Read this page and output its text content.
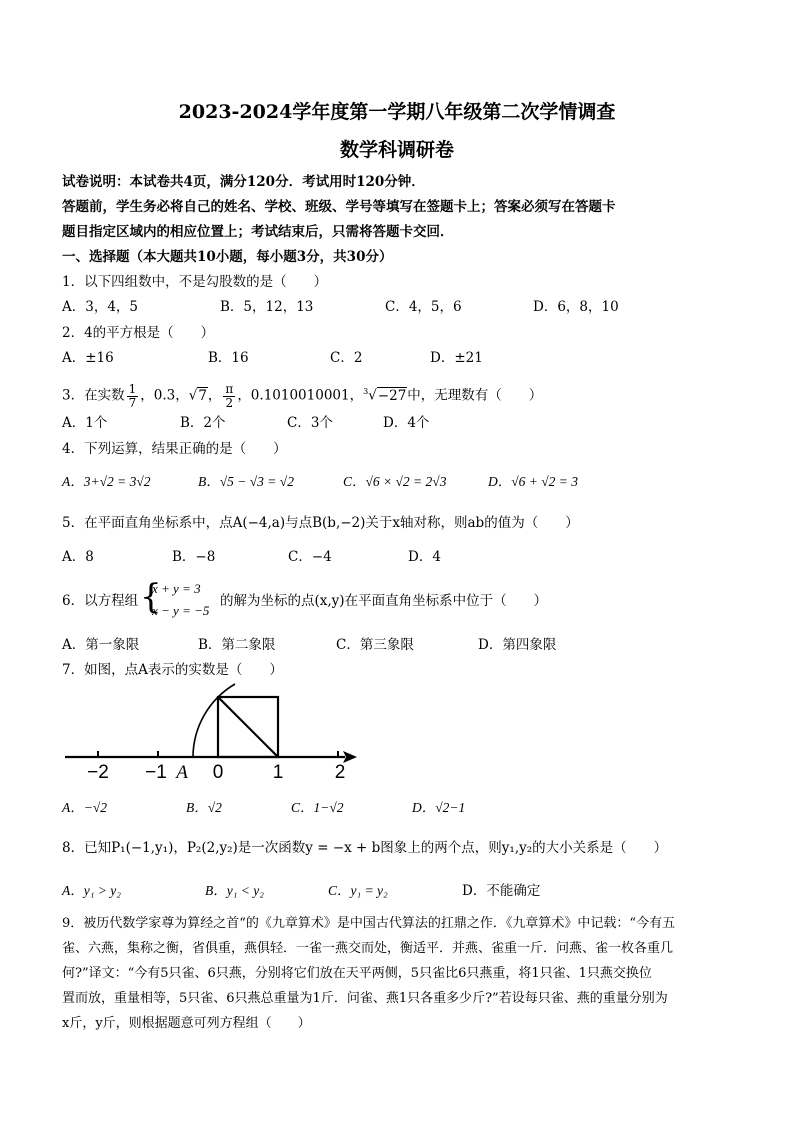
2023-2024学年度第一学期八年级第二次学情调查
数学科调研卷
试卷说明：本试卷共4页，满分120分．考试用时120分钟．
答题前，学生务必将自己的姓名、学校、班级、学号等填写在签题卡上；答案必须写在答题卡
题目指定区域内的相应位置上；考试结束后，只需将答题卡交回．
一、选择题（本大题共10小题，每小题3分，共30分）
1．以下四组数中，不是勾股数的是（　　）
A．3，4，5	B．5，12，13	C．4，5，6	D．6，8，10
2．4的平方根是（　　）
A．±16	B．16	C．2	D．±21
3．在实数 $\frac{1}{7}$ ，0.3，√7， $\frac{\pi}{2}$ ，0.1010010001，$^3$√−27中，无理数有（　　）
A．1个	B．2个	C．3个	D．4个
4．下列运算，结果正确的是（　　）
A．3+√2 = 3√2	B．√5 − √3 = √2	C．√6 × √2 = 2√3	D．√6 + √2 = 3
5．在平面直角坐标系中，点A(−4,a)与点B(b,−2)关于x轴对称，则ab的值为（　　）
A．8	B．−8	C．−4	D．4
6．以方程组 {
x + y = 3
x − y = −5
的解为坐标的点(x,y)在平面直角坐标系中位于（　　）
A．第一象限	B．第二象限	C．第三象限	D．第四象限
7．如图，点A表示的实数是（　　）
−2 −1 A 0	1	2
A．−√2	B．√2	C．1−√2	D．√2−1
8．已知P₁(−1,y₁)，P₂(2,y₂)是一次函数y = −x + b图象上的两个点，则y₁,y₂的大小关系是（　　）
A．y₁ > y₂	B．y₁ < y₂	C．y₁ = y₂	D．不能确定
9．被历代数学家尊为算经之首“的《九章算术》是中国古代算法的扛鼎之作．《九章算术》中记载：“今有五
雀、六燕，集称之衡，省俱重，燕俱轻．一雀一燕交而处，衡适平．并燕、雀重一斤．问燕、雀一枚各重几
何?”译文：“今有5只雀、6只燕，分别将它们放在天平两侧，5只雀比6只燕重，将1只雀、1只燕交换位
置而放，重量相等，5只雀、6只燕总重量为1斤．问雀、燕1只各重多少斤?”若设每只雀、燕的重量分别为
x斤，y斤，则根据题意可列方程组（　　）
